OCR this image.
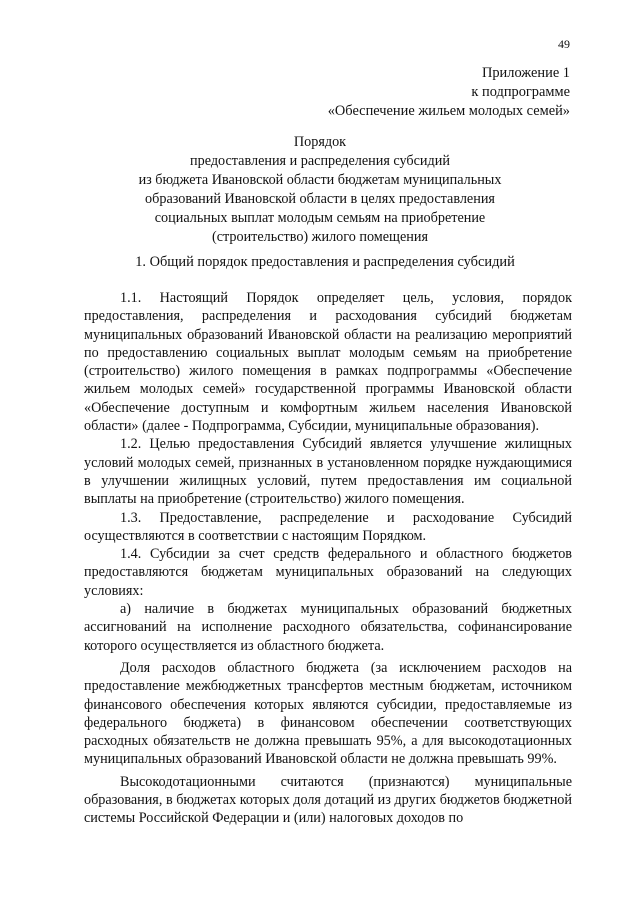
49
Приложение 1
к подпрограмме
«Обеспечение жильем молодых семей»
Порядок
предоставления и распределения субсидий
из бюджета Ивановской области бюджетам муниципальных
образований Ивановской области в целях предоставления
социальных выплат молодым семьям на приобретение
(строительство) жилого помещения
1. Общий порядок предоставления и распределения субсидий

1.1. Настоящий Порядок определяет цель, условия, порядок предоставления, распределения и расходования субсидий бюджетам муниципальных образований Ивановской области на реализацию мероприятий по предоставлению социальных выплат молодым семьям на приобретение (строительство) жилого помещения в рамках подпрограммы «Обеспечение жильем молодых семей» государственной программы Ивановской области «Обеспечение доступным и комфортным жильем населения Ивановской области» (далее - Подпрограмма, Субсидии, муниципальные образования).

1.2. Целью предоставления Субсидий является улучшение жилищных условий молодых семей, признанных в установленном порядке нуждающимися в улучшении жилищных условий, путем предоставления им социальной выплаты на приобретение (строительство) жилого помещения.

1.3. Предоставление, распределение и расходование Субсидий осуществляются в соответствии с настоящим Порядком.

1.4. Субсидии за счет средств федерального и областного бюджетов предоставляются бюджетам муниципальных образований на следующих условиях:

а) наличие в бюджетах муниципальных образований бюджетных ассигнований на исполнение расходного обязательства, софинансирование которого осуществляется из областного бюджета.

Доля расходов областного бюджета (за исключением расходов на предоставление межбюджетных трансфертов местным бюджетам, источником финансового обеспечения которых являются субсидии, предоставляемые из федерального бюджета) в финансовом обеспечении соответствующих расходных обязательств не должна превышать 95%, а для высокодотационных муниципальных образований Ивановской области не должна превышать 99%.

Высокодотационными считаются (признаются) муниципальные образования, в бюджетах которых доля дотаций из других бюджетов бюджетной системы Российской Федерации и (или) налоговых доходов по
